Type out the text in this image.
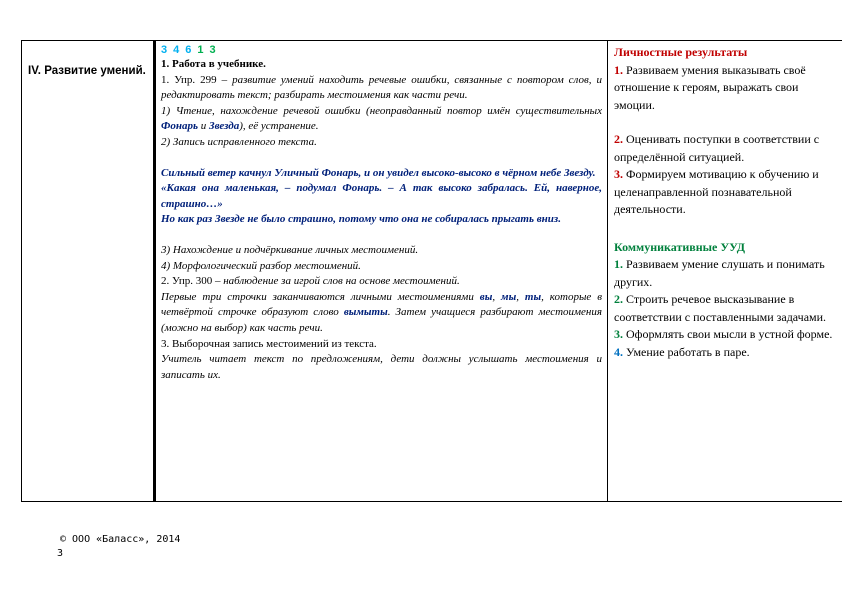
IV. Развитие умений.

3 4 6 1 3

1. Работа в учебнике.

1. Упр. 299 – развитие умений находить речевые ошибки, связанные с повтором слов, и редактировать текст; разбирать местоимения как части речи.

1) Чтение, нахождение речевой ошибки (неоправданный повтор имён существительных Фонарь и Звезда), её устранение.

2) Запись исправленного текста.

Сильный ветер качнул Уличный Фонарь, и он увидел высоко-высоко в чёрном небе Звезду.

«Какая она маленькая, – подумал Фонарь. – А так высоко забралась. Ей, наверное, страшно…»

Но как раз Звезде не было страшно, потому что она не собиралась прыгать вниз.

3) Нахождение и подчёркивание личных местоимений.

4) Морфологический разбор местоимений.

2. Упр. 300 – наблюдение за игрой слов на основе местоимений.

Первые три строчки заканчиваются личными местоимениями вы, мы, ты, которые в четвёртой строчке образуют слово вымыты. Затем учащиеся разбирают местоимения (можно на выбор) как часть речи.

3. Выборочная запись местоимений из текста.

Учитель читает текст по предложениям, дети должны услышать местоимения и записать их.

Личностные результаты

1. Развиваем умения выказывать своё отношение к героям, выражать свои эмоции.

2. Оценивать поступки в соответствии с определённой ситуацией.

3. Формируем мотивацию к обучению и целенаправленной познавательной деятельности.

Коммуникативные УУД

1. Развиваем умение слушать и понимать других.

2. Строить речевое высказывание в соответствии с поставленными задачами.

3. Оформлять свои мысли в устной форме.

4. Умение работать в паре.

© ООО «Баласс», 2014
3
